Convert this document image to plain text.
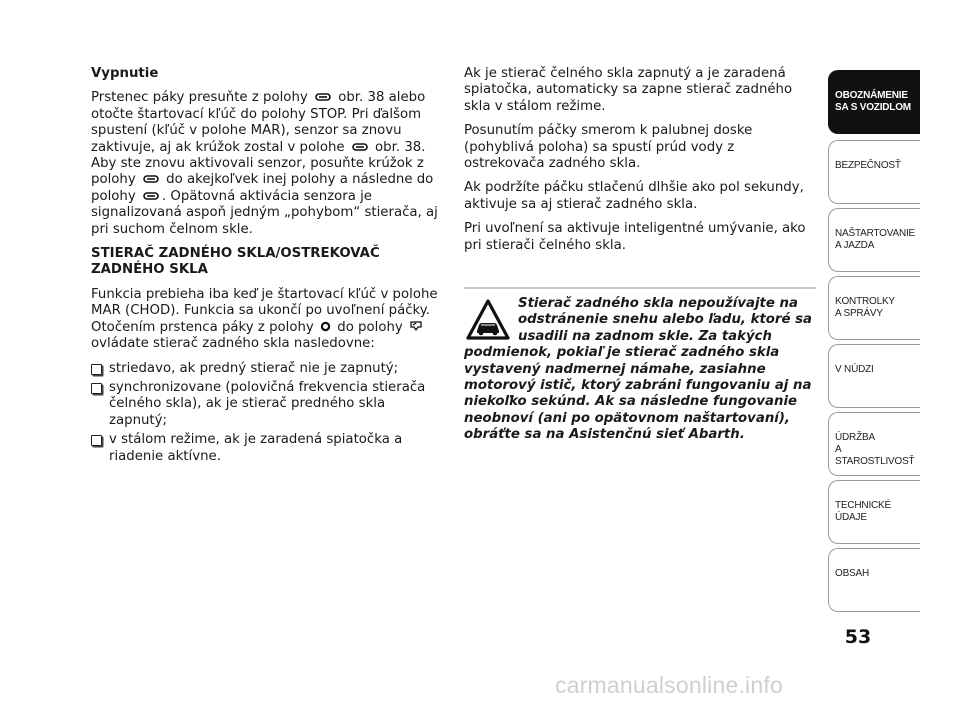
Vypnutie

Prstenec páky presuňte z polohy obr. 38 alebo otočte štartovací kľúč do polohy STOP. Pri ďalšom spustení (kľúč v polohe MAR), senzor sa znovu zaktivuje, aj ak krúžok zostal v polohe obr. 38. Aby ste znovu aktivovali senzor, posuňte krúžok z polohy do akejkoľvek inej polohy a následne do polohy . Opätovná aktivácia senzora je signalizovaná aspoň jedným „pohybom“ stierača, aj pri suchom čelnom skle.

STIERAČ ZADNÉHO SKLA/OSTREKOVAČ ZADNÉHO SKLA

Funkcia prebieha iba keď je štartovací kľúč v polohe MAR (CHOD). Funkcia sa ukončí po uvoľnení páčky. Otočením prstenca páky z polohy do polohy
ovládate stierač zadného skla nasledovne:

striedavo, ak predný stierač nie je zapnutý;
synchronizovane (polovičná frekvencia stierača čelného skla), ak je stierač predného skla zapnutý;
v stálom režime, ak je zaradená spiatočka a riadenie aktívne.

Ak je stierač čelného skla zapnutý a je zaradená spiatočka, automaticky sa zapne stierač zadného skla v stálom režime.

Posunutím páčky smerom k palubnej doske (pohyblivá poloha) sa spustí prúd vody z ostrekovača zadného skla.

Ak podržíte páčku stlačenú dlhšie ako pol sekundy, aktivuje sa aj stierač zadného skla.

Pri uvoľnení sa aktivuje inteligentné umývanie, ako pri stierači čelného skla.

Stierač zadného skla nepoužívajte na odstránenie snehu alebo ľadu, ktoré sa usadili na zadnom skle. Za takých
podmienok, pokiaľ je stierač zadného skla vystavený nadmernej námahe, zasiahne motorový istič, ktorý zabráni fungovaniu aj na niekoľko sekúnd. Ak sa následne fungovanie neobnoví (ani po opätovnom naštartovaní), obráťte sa na Asistenčnú sieť Abarth.
OBOZNÁMENIE
SA S VOZIDLOM
BEZPEČNOSŤ

NAŠTARTOVANIE
A JAZDA
KONTROLKY
A SPRÁVY
V NÚDZI

ÚDRŽBA
A STAROSTLIVOSŤ
TECHNICKÉ
ÚDAJE
OBSAH

53
carmanualsonline.info
